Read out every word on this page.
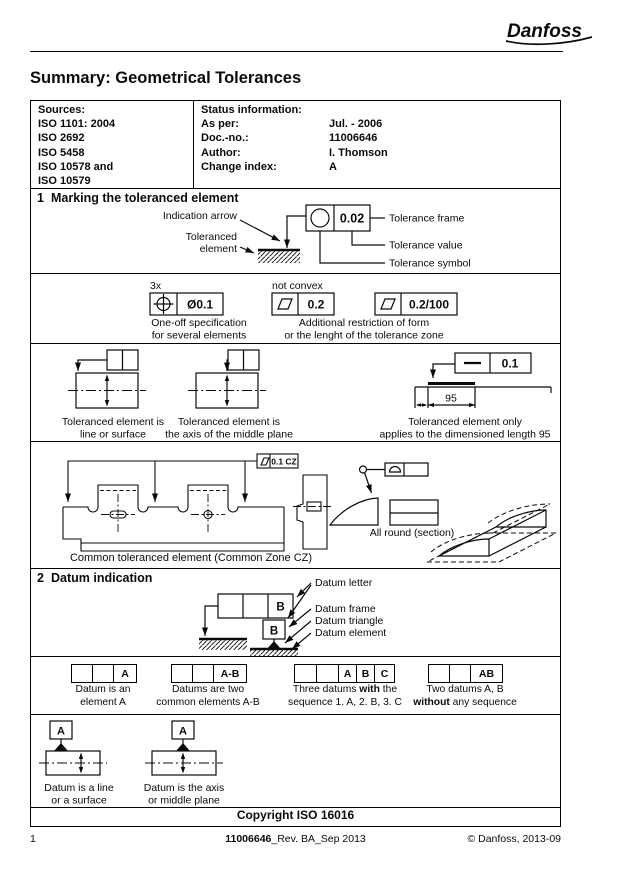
Danfoss
Summary: Geometrical Tolerances
Sources:
ISO 1101: 2004
ISO 2692
ISO 5458
ISO 10578 and
ISO 10579
Status information:
As per:	Jul. - 2006
Doc.-no.:	11006646
Author:	I. Thomson
Change index:	A
1 Marking the toleranced element
Indication arrow
Toleranced
element
0.02 Tolerance frame
Tolerance value
Tolerance symbol
3x	not convex
Ø0.1	0.2	0.2/100
One-off specification
for several elements
Additional restriction of form
or the lenght of the tolerance zone
0.1
95
Toleranced element is
line or surface
Toleranced element is
the axis of the middle plane
Toleranced element only
applies to the dimensioned length 95
0.1 CZ
Common toleranced element (Common Zone CZ)
All round (section)
2 Datum indication
B
B
Datum letter
Datum frame
Datum triangle
Datum element
A
Datum is an
element A
A-B
Datums are two
common elements A-B
A B	C
Three datums with the
sequence 1. A, 2. B, 3. C
AB
Two datums A, B
without any sequence
A	A
Datum is a line
or a surface
Datum is the axis
or middle plane
Copyright ISO 16016
1	11006646_Rev. BA_Sep 2013	© Danfoss, 2013-09
